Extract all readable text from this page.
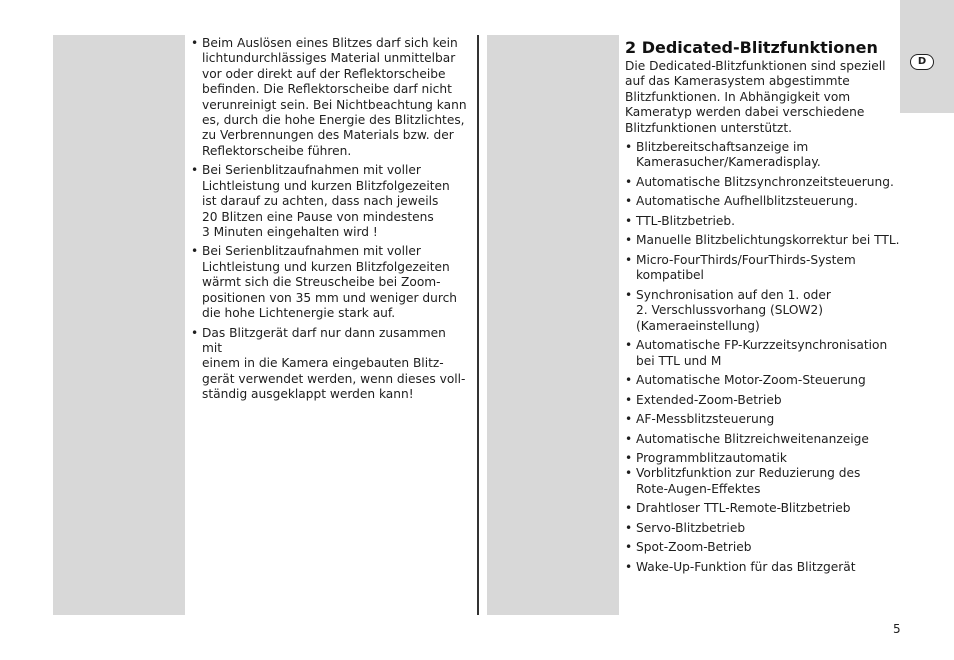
D
• Beim Auslösen eines Blitzes darf sich kein
lichtundurchlässiges Material unmittelbar
vor oder direkt auf der Reflektorscheibe
befinden. Die Reflektorscheibe darf nicht
verunreinigt sein. Bei Nichtbeachtung kann
es, durch die hohe Energie des Blitzlichtes,
zu Verbrennungen des Materials bzw. der
Reflektorscheibe führen.
• Bei Serienblitzaufnahmen mit voller
Lichtleistung und kurzen Blitzfolgezeiten
ist darauf zu achten, dass nach jeweils
20 Blitzen eine Pause von mindestens
3 Minuten eingehalten wird !
• Bei Serienblitzaufnahmen mit voller
Lichtleistung und kurzen Blitzfolgezeiten
wärmt sich die Streuscheibe bei Zoom-
positionen von 35 mm und weniger durch
die hohe Lichtenergie stark auf.
• Das Blitzgerät darf nur dann zusammen mit
einem in die Kamera eingebauten Blitz-
gerät verwendet werden, wenn dieses voll-
ständig ausgeklappt werden kann!
2 Dedicated-Blitzfunktionen

Die Dedicated-Blitzfunktionen sind speziell
auf das Kamerasystem abgestimmte
Blitzfunktionen. In Abhängigkeit vom
Kameratyp werden dabei verschiedene
Blitzfunktionen unterstützt.

• Blitzbereitschaftsanzeige im
Kamerasucher/Kameradisplay.
• Automatische Blitzsynchronzeitsteuerung.
• Automatische Aufhellblitzsteuerung.
• TTL-Blitzbetrieb.
• Manuelle Blitzbelichtungskorrektur bei TTL.
• Micro-FourThirds/FourThirds-System
kompatibel
• Synchronisation auf den 1. oder
2. Verschlussvorhang (SLOW2)
(Kameraeinstellung)
• Automatische FP-Kurzzeitsynchronisation
bei TTL und M
• Automatische Motor-Zoom-Steuerung
• Extended-Zoom-Betrieb
• AF-Messblitzsteuerung
• Automatische Blitzreichweitenanzeige
• Programmblitzautomatik
• Vorblitzfunktion zur Reduzierung des
Rote-Augen-Effektes
• Drahtloser TTL-Remote-Blitzbetrieb
• Servo-Blitzbetrieb
• Spot-Zoom-Betrieb
• Wake-Up-Funktion für das Blitzgerät
5
